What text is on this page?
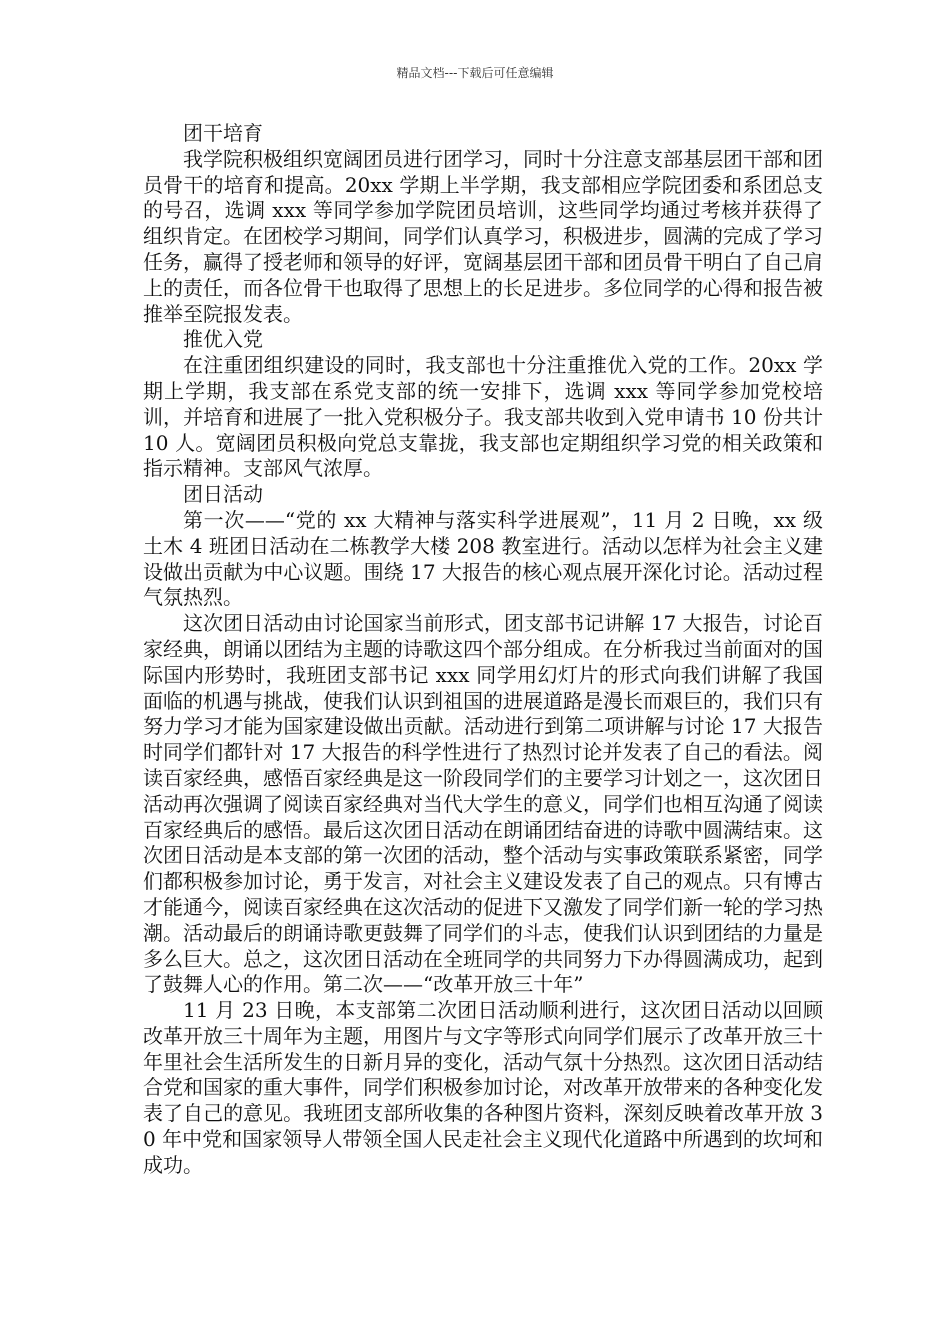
精品文档---下载后可任意编辑

团干培育

我学院积极组织宽阔团员进行团学习，同时十分注意支部基层团干部和团员骨干的培育和提高。20xx 学期上半学期，我支部相应学院团委和系团总支的号召，选调 xxx 等同学参加学院团员培训，这些同学均通过考核并获得了组织肯定。在团校学习期间，同学们认真学习，积极进步，圆满的完成了学习任务，赢得了授老师和领导的好评，宽阔基层团干部和团员骨干明白了自己肩上的责任，而各位骨干也取得了思想上的长足进步。多位同学的心得和报告被推举至院报发表。

推优入党

在注重团组织建设的同时，我支部也十分注重推优入党的工作。20xx 学期上学期，我支部在系党支部的统一安排下，选调 xxx 等同学参加党校培训，并培育和进展了一批入党积极分子。我支部共收到入党申请书 10 份共计 10 人。宽阔团员积极向党总支靠拢，我支部也定期组织学习党的相关政策和指示精神。支部风气浓厚。

团日活动

第一次——“党的 xx 大精神与落实科学进展观”，11 月 2 日晚，xx 级土木 4 班团日活动在二栋教学大楼 208 教室进行。活动以怎样为社会主义建设做出贡献为中心议题。围绕 17 大报告的核心观点展开深化讨论。活动过程气氛热烈。

这次团日活动由讨论国家当前形式，团支部书记讲解 17 大报告，讨论百家经典，朗诵以团结为主题的诗歌这四个部分组成。在分析我过当前面对的国际国内形势时，我班团支部书记 xxx 同学用幻灯片的形式向我们讲解了我国面临的机遇与挑战，使我们认识到祖国的进展道路是漫长而艰巨的，我们只有努力学习才能为国家建设做出贡献。活动进行到第二项讲解与讨论 17 大报告时同学们都针对 17 大报告的科学性进行了热烈讨论并发表了自己的看法。阅读百家经典，感悟百家经典是这一阶段同学们的主要学习计划之一，这次团日活动再次强调了阅读百家经典对当代大学生的意义，同学们也相互沟通了阅读百家经典后的感悟。最后这次团日活动在朗诵团结奋进的诗歌中圆满结束。这次团日活动是本支部的第一次团的活动，整个活动与实事政策联系紧密，同学们都积极参加讨论，勇于发言，对社会主义建设发表了自己的观点。只有博古才能通今，阅读百家经典在这次活动的促进下又激发了同学们新一轮的学习热潮。活动最后的朗诵诗歌更鼓舞了同学们的斗志，使我们认识到团结的力量是多么巨大。总之，这次团日活动在全班同学的共同努力下办得圆满成功，起到了鼓舞人心的作用。第二次——“改革开放三十年”

11 月 23 日晚，本支部第二次团日活动顺利进行，这次团日活动以回顾改革开放三十周年为主题，用图片与文字等形式向同学们展示了改革开放三十年里社会生活所发生的日新月异的变化，活动气氛十分热烈。这次团日活动结合党和国家的重大事件，同学们积极参加讨论，对改革开放带来的各种变化发表了自己的意见。我班团支部所收集的各种图片资料，深刻反映着改革开放 30 年中党和国家领导人带领全国人民走社会主义现代化道路中所遇到的坎坷和成功。
